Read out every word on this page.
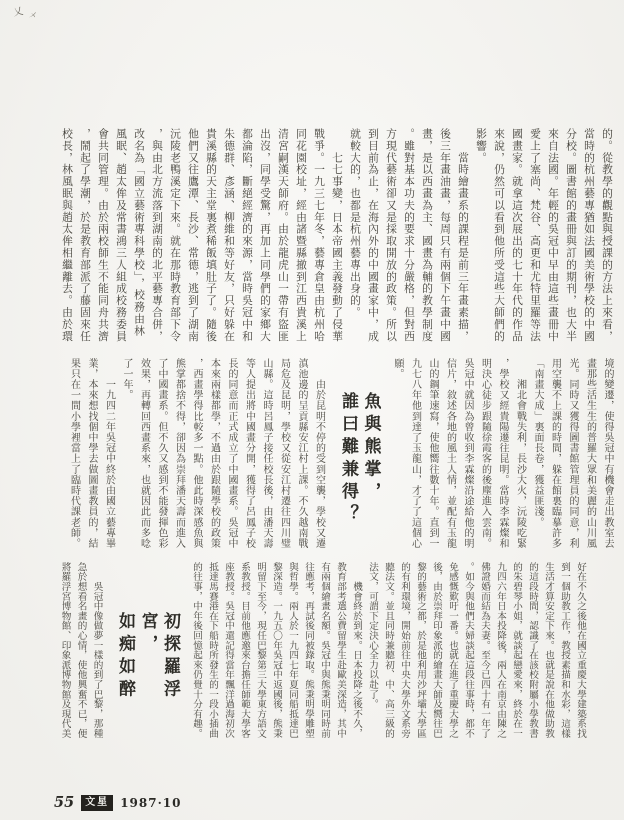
乂 㐅

的。從教學的觀點與授課的方法上來看，

當時的杭州藝專猶如法國美術學校的中國

分校。圖書館的畫冊與訂的期刊，也大半

來自法國。年輕的吳冠中早由這些畫冊中

愛上了塞尚、梵谷、高更和尤特里羅等法

國畫家。就拿這次展出的七十年代的作品

來說，仍然可以看到他所受這些大師們的

影響。

　　當時繪畫系的課程是前三年畫素描，

後三年畫油畫，每周只有兩個下午畫中國

畫，是以西畫為主、國畫為輔的教學制度

。雖對基本功夫的要求十分嚴格，但對西

方現代藝術卻又是採取開放的政策。所以

到目前為止，在海內外的中國畫家中，成

就較大的，也都是杭州藝專出身的。

　　七七事變，日本帝國主義發動了侵華

戰爭。一九三七年冬，藝專倉皇由杭州哈

同花園校址，經由諸暨縣撤到江西貴溪上

清宮嗣漢天師府。由於龍虎山一帶有盜匪

出沒，同學受驚，再加上同學們的家鄉大

都淪陷，斷絕經濟的來源，當時吳冠中和

朱德群、彥涵、柳維和等好友，只好躲在

貴溪縣的天主堂裏煮稀飯填肚子了。隨後

他們又往鷹潭、長沙、常德，逃到了湖南

沅陵老鴨溪定下來。就在那時教育部下令

，與由北方流落到湖南的北平藝專合併，

改名為「國立藝術專科學校」，校務由林

風眠、趙太侔及常書鴻三人組成校務委員

會共同管理。由於兩校師生不能同舟共濟

，鬧起了學潮，於是教育部派了藤固來任

校長，林風眠與趙太侔相繼離去。由於環

境的變遷，使得吳冠中有機會走出教室去

畫那些活生生的普羅大眾和美麗的山川風

光。同時又獲得圖書館管理員的同意，利

用空襲不上課的時間，躲在館裏臨摹許多

「南畫大成」裏面長卷，獲益匪淺。

　　湘北會戰失利，長沙大火，沅陵吃緊

，學校又經貴陽遷往昆明。當時李霖燦和

明決心徒步跟隨徐霞客的後塵進入雲南。

吳冠中就因為曾收到李霖燦沿途給他的明

信片，敘述各地的風土人情，並配有玉龍

山的鋼筆速寫，使他嚮往數十年。直到一

九七八年他到達了玉龍山，才了了這個心

願。

魚與熊掌，

誰曰難兼得？

　　由於昆明不停的受到空襲，學校又遷

滇池邊的呈貢縣安江村上課。不久越南戰

局危及昆明，學校又從安江村遷往四川璧

山縣。這時呂鳳子接任校長後，由潘天壽

等人提出將中國畫分開，獲得了呂鳳子校

長的同意而正式成立了中國畫系。吳冠中

本來兩樣都學，不過由於跟隨學校的政策

，西畫學得比較多一點。他此時深感魚與

熊掌都捨不得，卻因為崇拜潘天壽而進入

了中國畫系。但不久又感到不能發揮色彩

效果，再轉回西畫系來，也就因此而多唸

了一年。

　　一九四二年吳冠中終於由國立藝專畢

業，本來想找個中學去做圖畫教員的，結

果只在一間小學裡當上了臨時代課老師。

好在不久之後他在國立重慶大學建築系找

到一個助教工作，教授素描和水彩，這樣

生活才算安定下來。也就是說在他做助教

的這段時間，認識了在該校附屬小學教書

的朱碧琴小姐，就談起戀愛來，終於在一

九四六年日本投降後，兩人在南京由陳之

佛證婚而結為夫妻。至今已四十有一年了

。如今與他們夫婦談起這段往事時，都不

免感慨歎吁一番。也就在進了重慶大學之

後，由於崇拜印象派的繪畫大師及嚮往巴

黎的藝術之都，於是他利用沙坪壩大學區

的有利環境，開始前往中央大學外文系旁

聽法文。並且同時兼聽初、中、高三級的

法文，可謂下定決心全力以赴了。

　　機會終於到來。日本投降之後不久，

教育部考選公費留學生赴歐美深造，其中

有兩個繪畫名額。吳冠中與熊秉明同時前

往應考，再試後同被錄取。熊秉明學雕塑

與哲學。兩人於一九四七年夏同船抵達巴

黎深造。一九五〇年吳冠中返國後，熊秉

明留下至今，現任巴黎第三大學東方語文

系教授。目前他應邀來台擔任師範大學客

座教授。吳冠中還記得當年飄洋過海初次

抵達馬賽港在下船時所發生的一段小插曲

的往事，中年後回憶起來仍覺十分有趣。

初探羅浮宮，

如痴如醉

　　吳冠中像做夢一樣的到了巴黎，那種

急於想看名畫的心情，使他興奮不已，便

將羅浮宮博物館、印象派博物館及現代美

55	文星 1987·10
